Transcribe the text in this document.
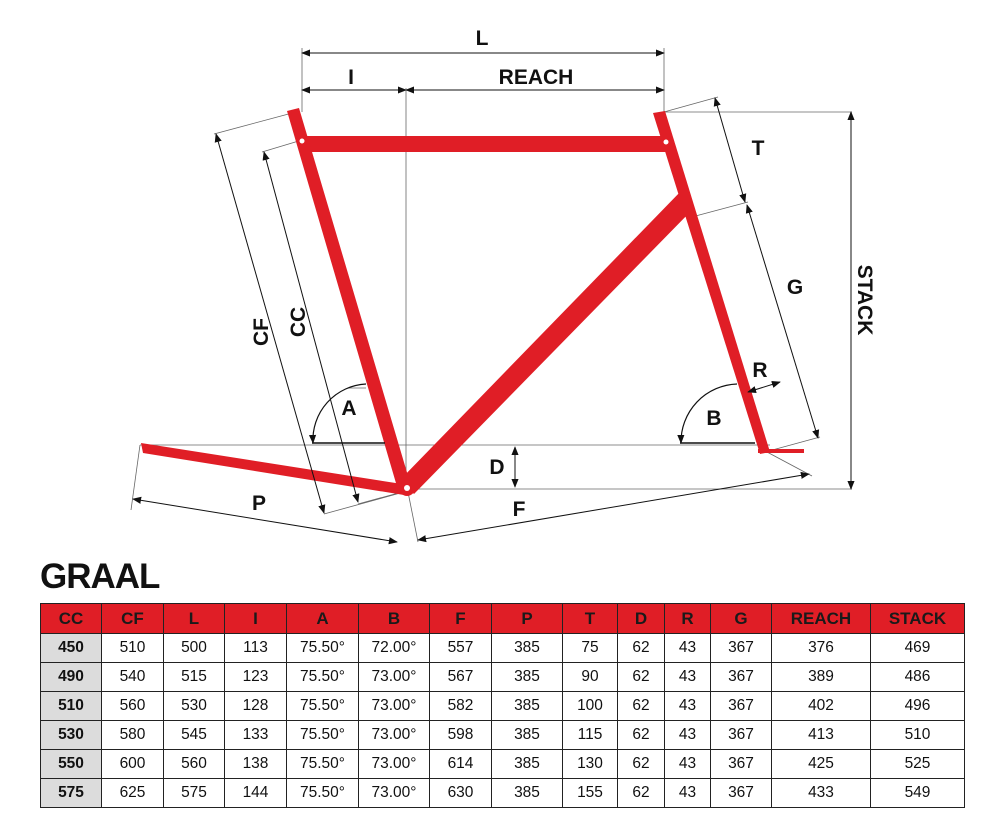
L
I	REACH
T
STACK
G
CF CC
A	B
R
D
P	F
GRAAL
CC	CF	L	I	A	B	F	P	T	D	R	G	REACH	STACK
450	510	500	113	75.50°	72.00°	557	385	75	62	43	367	376	469
490	540	515	123	75.50°	73.00°	567	385	90	62	43	367	389	486
510	560	530	128	75.50°	73.00°	582	385	100	62	43	367	402	496
530	580	545	133	75.50°	73.00°	598	385	115	62	43	367	413	510
550	600	560	138	75.50°	73.00°	614	385	130	62	43	367	425	525
575	625	575	144	75.50°	73.00°	630	385	155	62	43	367	433	549
